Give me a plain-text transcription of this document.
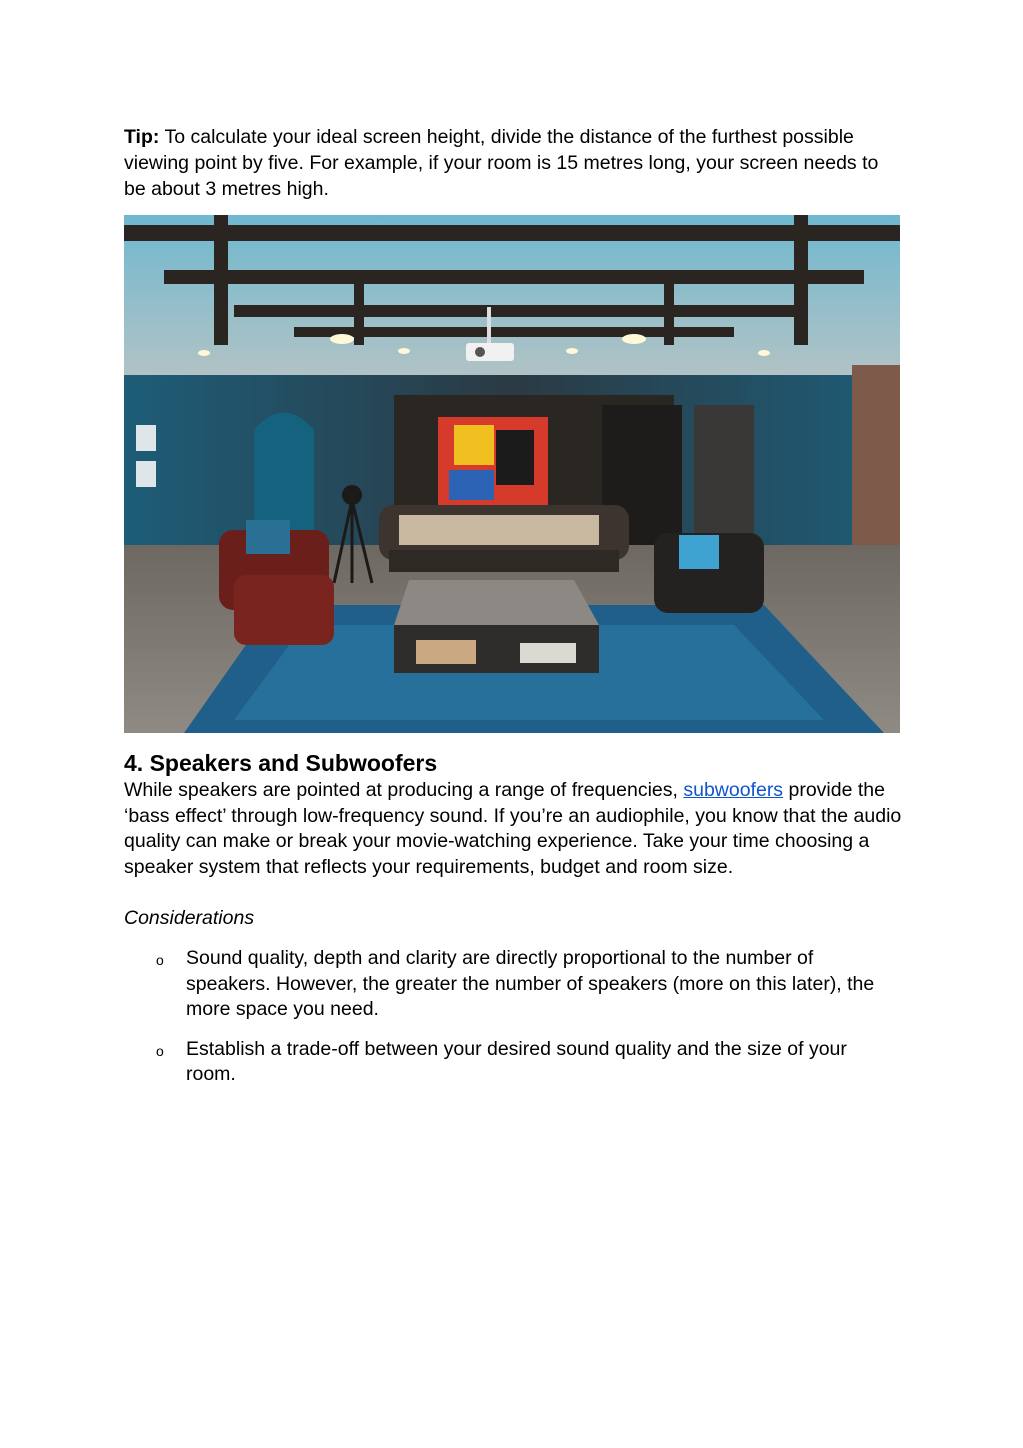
Tip: To calculate your ideal screen height, divide the distance of the furthest possible viewing point by five. For example, if your room is 15 metres long, your screen needs to be about 3 metres high.

4. Speakers and Subwoofers

While speakers are pointed at producing a range of frequencies, subwoofers provide the ‘bass effect’ through low-frequency sound. If you’re an audiophile, you know that the audio quality can make or break your movie-watching experience. Take your time choosing a speaker system that reflects your requirements, budget and room size.

Considerations

o Sound quality, depth and clarity are directly proportional to the number of speakers. However, the greater the number of speakers (more on this later), the more space you need.
o Establish a trade-off between your desired sound quality and the size of your room.
